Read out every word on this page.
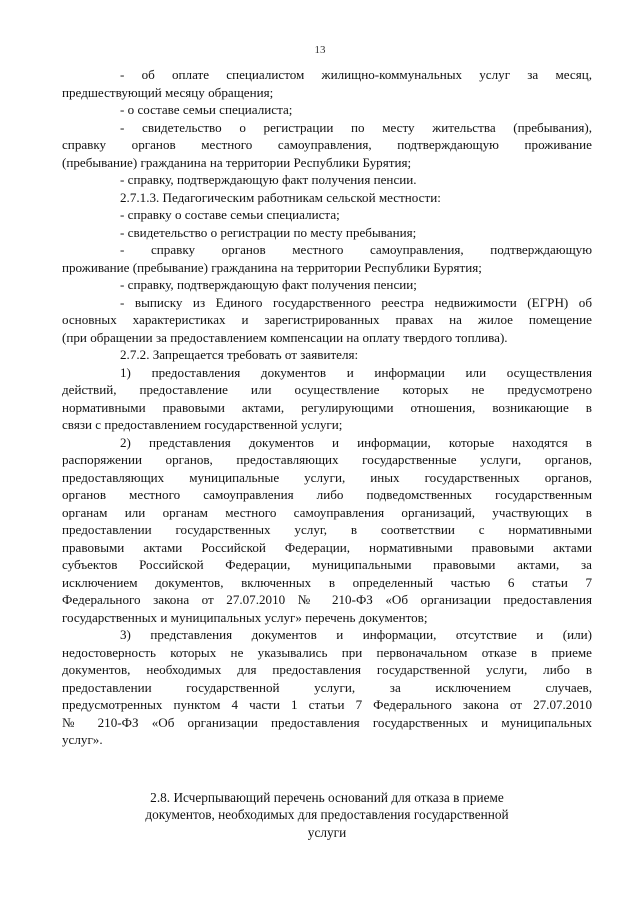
13
- об оплате специалистом жилищно-коммунальных услуг за месяц,
предшествующий месяцу обращения;
- о составе семьи специалиста;
- свидетельство о регистрации по месту жительства (пребывания),
справку органов местного самоуправления, подтверждающую проживание
(пребывание) гражданина на территории Республики Бурятия;
- справку, подтверждающую факт получения пенсии.
2.7.1.3. Педагогическим работникам сельской местности:
- справку о составе семьи специалиста;
- свидетельство о регистрации по месту пребывания;
- справку органов местного самоуправления, подтверждающую
проживание (пребывание) гражданина на территории Республики Бурятия;
- справку, подтверждающую факт получения пенсии;
- выписку из Единого государственного реестра недвижимости (ЕГРН) об
основных характеристиках и зарегистрированных правах на жилое помещение
(при обращении за предоставлением компенсации на оплату твердого топлива).
2.7.2. Запрещается требовать от заявителя:
1) предоставления документов и информации или осуществления
действий, предоставление или осуществление которых не предусмотрено
нормативными правовыми актами, регулирующими отношения, возникающие в
связи с предоставлением государственной услуги;
2) представления документов и информации, которые находятся в
распоряжении органов, предоставляющих государственные услуги, органов,
предоставляющих муниципальные услуги, иных государственных органов,
органов местного самоуправления либо подведомственных государственным
органам или органам местного самоуправления организаций, участвующих в
предоставлении государственных услуг, в соответствии с нормативными
правовыми актами Российской Федерации, нормативными правовыми актами
субъектов Российской Федерации, муниципальными правовыми актами, за
исключением документов, включенных в определенный частью 6 статьи 7
Федерального закона от 27.07.2010 № 210-ФЗ «Об организации предоставления
государственных и муниципальных услуг» перечень документов;
3) представления документов и информации, отсутствие и (или)
недостоверность которых не указывались при первоначальном отказе в приеме
документов, необходимых для предоставления государственной услуги, либо в
предоставлении государственной услуги, за исключением случаев,
предусмотренных пунктом 4 части 1 статьи 7 Федерального закона от 27.07.2010
№ 210-ФЗ «Об организации предоставления государственных и муниципальных
услуг».
2.8. Исчерпывающий перечень оснований для отказа в приеме
документов, необходимых для предоставления государственной
услуги
